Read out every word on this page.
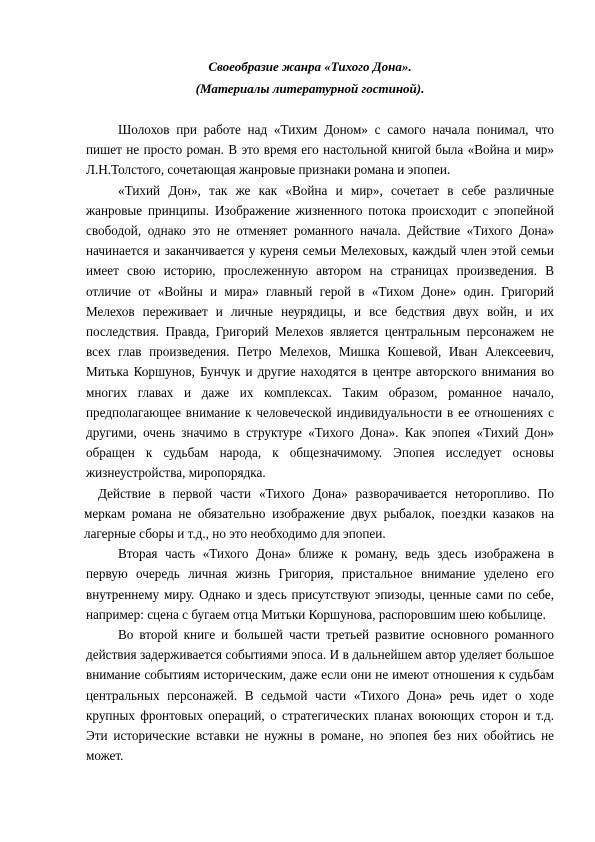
Своеобразие жанра «Тихого Дона».

(Материалы литературной гостиной).

Шолохов при работе над «Тихим Доном» с самого начала понимал, что пишет не просто роман. В это время его настольной книгой была «Война и мир» Л.Н.Толстого, сочетающая жанровые признаки романа и эпопеи.

«Тихий Дон», так же как «Война и мир», сочетает в себе различные жанровые принципы. Изображение жизненного потока происходит с эпопейной свободой, однако это не отменяет романного начала. Действие «Тихого Дона» начинается и заканчивается у куреня семьи Мелеховых, каждый член этой семьи имеет свою историю, прослеженную автором на страницах произведения. В отличие от «Войны и мира» главный герой в «Тихом Доне» один. Григорий Мелехов переживает и личные неурядицы, и все бедствия двух войн, и их последствия. Правда, Григорий Мелехов является центральным персонажем не всех глав произведения. Петро Мелехов, Мишка Кошевой, Иван Алексеевич, Митька Коршунов, Бунчук и другие находятся в центре авторского внимания во многих главах и даже их комплексах. Таким образом, романное начало, предполагающее внимание к человеческой индивидуальности в ее отношениях с другими, очень значимо в структуре «Тихого Дона». Как эпопея «Тихий Дон» обращен к судьбам народа, к общезначимому. Эпопея исследует основы жизнеустройства, миропорядка.

Действие в первой части «Тихого Дона» разворачивается неторопливо. По меркам романа не обязательно изображение двух рыбалок, поездки казаков на лагерные сборы и т.д., но это необходимо для эпопеи.

Вторая часть «Тихого Дона» ближе к роману, ведь здесь изображена в первую очередь личная жизнь Григория, пристальное внимание уделено его внутреннему миру. Однако и здесь присутствуют эпизоды, ценные сами по себе, например: сцена с бугаем отца Митьки Коршунова, распоровшим шею кобылице.

Во второй книге и большей части третьей развитие основного романного действия задерживается событиями эпоса. И в дальнейшем автор уделяет большое внимание событиям историческим, даже если они не имеют отношения к судьбам центральных персонажей. В седьмой части «Тихого Дона» речь идет о ходе крупных фронтовых операций, о стратегических планах воюющих сторон и т.д. Эти исторические вставки не нужны в романе, но эпопея без них обойтись не может.
